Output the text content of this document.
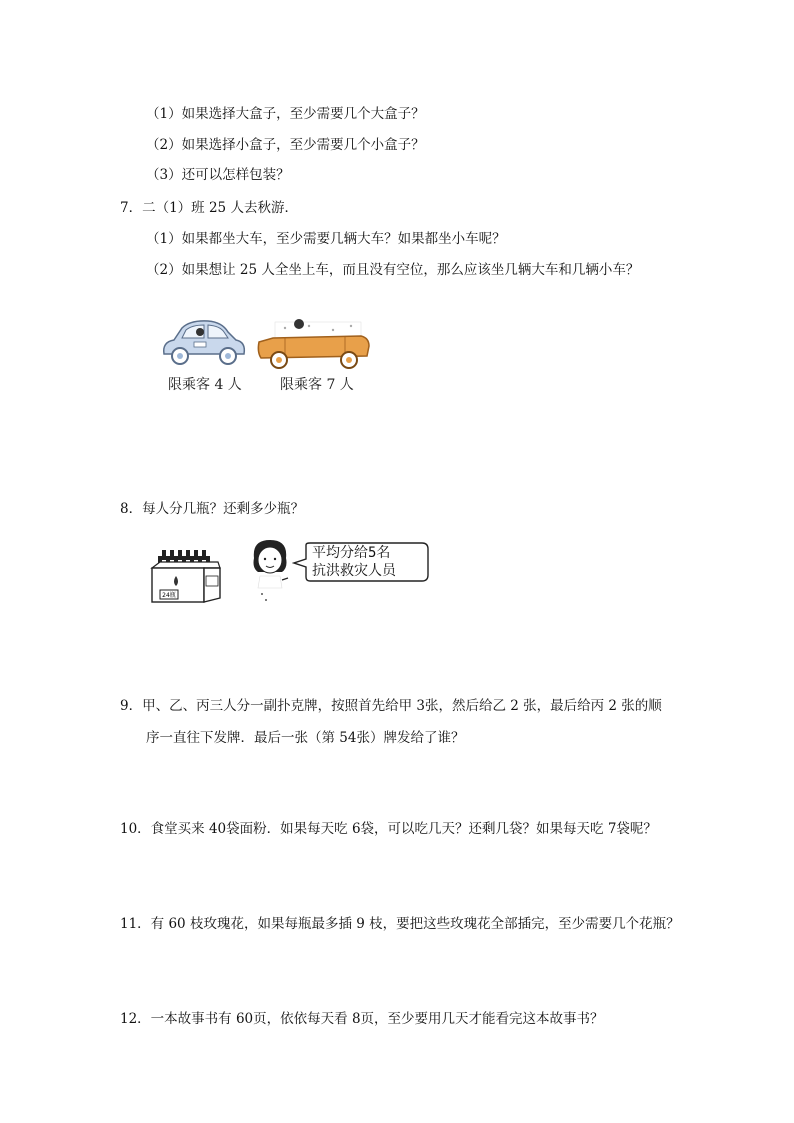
（1）如果选择大盒子，至少需要几个大盒子？
（2）如果选择小盒子，至少需要几个小盒子？
（3）还可以怎样包装？
7．二（1）班 25 人去秋游．
（1）如果都坐大车，至少需要几辆大车？如果都坐小车呢？
（2）如果想让 25 人全坐上车，而且没有空位，那么应该坐几辆大车和几辆小车？
限乘客 4 人	限乘客 7 人
8．每人分几瓶？还剩多少瓶？
24瓶
平均分给5名
抗洪救灾人员
9．甲、乙、丙三人分一副扑克牌，按照首先给甲 3张，然后给乙 2 张，最后给丙 2 张的顺
序一直往下发牌．最后一张（第 54张）牌发给了谁？
10．食堂买来 40袋面粉．如果每天吃 6袋，可以吃几天？还剩几袋？如果每天吃 7袋呢？
11．有 60 枝玫瑰花，如果每瓶最多插 9 枝，要把这些玫瑰花全部插完，至少需要几个花瓶？
12．一本故事书有 60页，依依每天看 8页，至少要用几天才能看完这本故事书？
